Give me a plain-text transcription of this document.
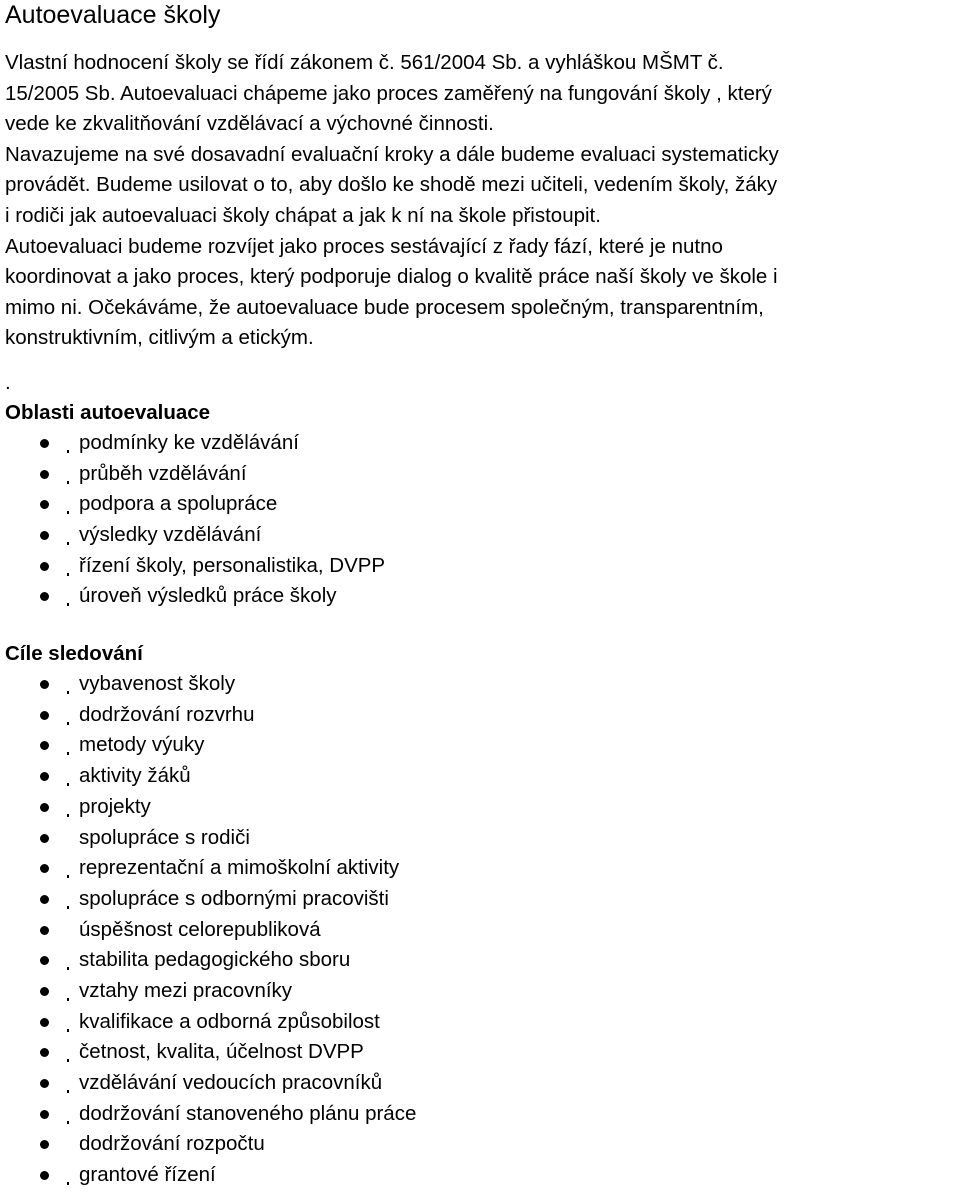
Autoevaluace školy

Vlastní hodnocení školy se řídí zákonem č. 561/2004 Sb. a vyhláškou MŠMT č.
15/2005 Sb. Autoevaluaci chápeme jako proces zaměřený na fungování školy , který
vede ke zkvalitňování vzdělávací a výchovné činnosti.
Navazujeme na své dosavadní evaluační kroky a dále budeme evaluaci systematicky
provádět. Budeme usilovat o to, aby došlo ke shodě mezi učiteli, vedením školy, žáky
i rodiči jak autoevaluaci školy chápat a jak k ní na škole přistoupit.
Autoevaluaci budeme rozvíjet jako proces sestávající z řady fází, které je nutno
koordinovat a jako proces, který podporuje dialog o kvalitě práce naší školy ve škole i
mimo ni. Očekáváme, že autoevaluace bude procesem společným, transparentním,
konstruktivním, citlivým a etickým.

.
Oblasti autoevaluace
podmínky ke vzdělávání
průběh vzdělávání
podpora a spolupráce
výsledky vzdělávání
řízení školy, personalistika, DVPP
úroveň výsledků práce školy
Cíle sledování
vybavenost školy
dodržování rozvrhu
metody výuky
aktivity žáků
projekty
spolupráce s rodiči
reprezentační a mimoškolní aktivity
spolupráce s odbornými pracovišti
úspěšnost celorepubliková
stabilita pedagogického sboru
vztahy mezi pracovníky
kvalifikace a odborná způsobilost
četnost, kvalita, účelnost DVPP
vzdělávání vedoucích pracovníků
dodržování stanoveného plánu práce
dodržování rozpočtu
grantové řízení
